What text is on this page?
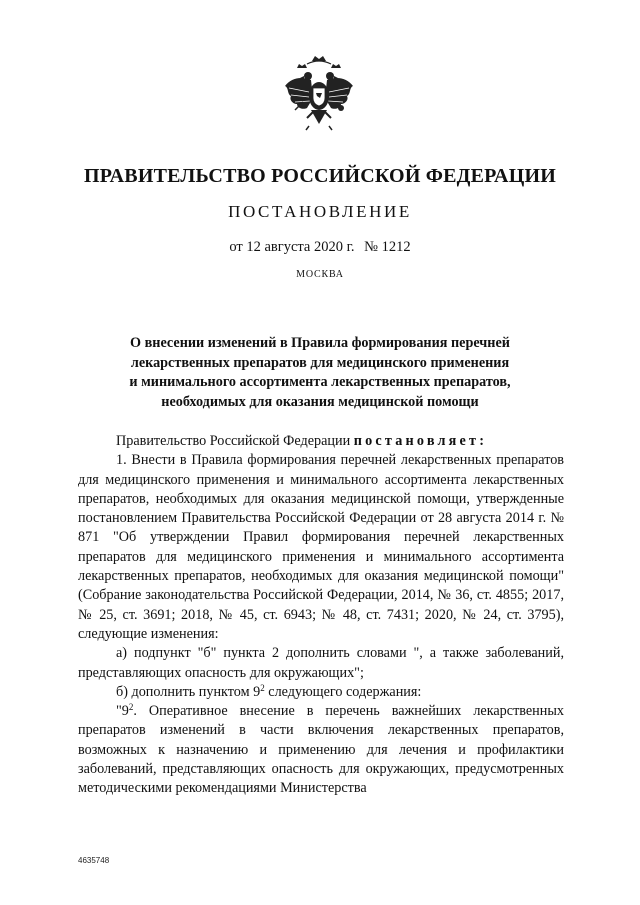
ПРАВИТЕЛЬСТВО РОССИЙСКОЙ ФЕДЕРАЦИИ
ПОСТАНОВЛЕНИЕ
от 12 августа 2020 г. № 1212
МОСКВА
О внесении изменений в Правила формирования перечней
лекарственных препаратов для медицинского применения
и минимального ассортимента лекарственных препаратов,
необходимых для оказания медицинской помощи

Правительство Российской Федерации постановляет:

1. Внести в Правила формирования перечней лекарственных препаратов для медицинского применения и минимального ассортимента лекарственных препаратов, необходимых для оказания медицинской помощи, утвержденные постановлением Правительства Российской Федерации от 28 августа 2014 г. № 871 "Об утверждении Правил формирования перечней лекарственных препаратов для медицинского применения и минимального ассортимента лекарственных препаратов, необходимых для оказания медицинской помощи" (Собрание законодательства Российской Федерации, 2014, № 36, ст. 4855; 2017, № 25, ст. 3691; 2018, № 45, ст. 6943; № 48, ст. 7431; 2020, № 24, ст. 3795), следующие изменения:

а) подпункт "б" пункта 2 дополнить словами ", а также заболеваний, представляющих опасность для окружающих";

б) дополнить пунктом $9^2$ следующего содержания:

"$9^2$. Оперативное внесение в перечень важнейших лекарственных препаратов изменений в части включения лекарственных препаратов, возможных к назначению и применению для лечения и профилактики заболеваний, представляющих опасность для окружающих, предусмотренных методическими рекомендациями Министерства

4635748
